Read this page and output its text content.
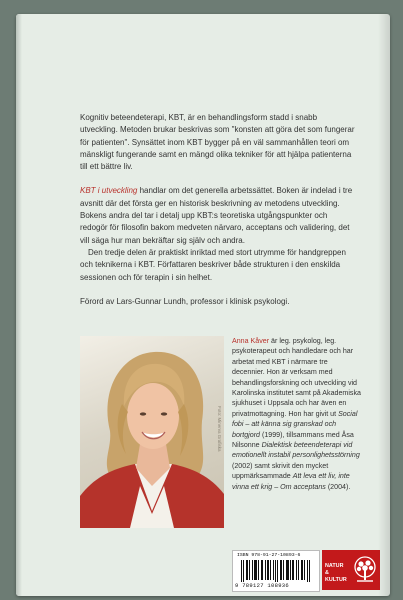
Kognitiv beteendeterapi, KBT, är en behandlingsform stadd i snabb utveckling. Metoden brukar beskrivas som "konsten att göra det som fungerar för patienten". Synsättet inom KBT bygger på en väl sammanhållen teori om mänskligt fungerande samt en mängd olika tekniker för att hjälpa patienterna till ett bättre liv.

KBT i utveckling handlar om det generella arbetssättet. Boken är indelad i tre avsnitt där det första ger en historisk beskrivning av metodens utveckling. Bokens andra del tar i detalj upp KBT:s teoretiska utgångspunkter och redogör för filosofin bakom medveten närvaro, acceptans och validering, det vill säga hur man bekräftar sig själv och andra.

Den tredje delen är praktiskt inriktad med stort utrymme för handgreppen och teknikerna i KBT. Författaren beskriver både strukturen i den enskilda sessionen och för terapin i sin helhet.

Förord av Lars-Gunnar Lundh, professor i klinisk psykologi.

Foto: Minerva Grafiska
Anna Kåver är leg. psykolog, leg. psykoterapeut och handledare och har arbetat med KBT i närmare tre decennier. Hon är verksam med behandlingsforskning och utveckling vid Karolinska institutet samt på Akademiska sjukhuset i Uppsala och har även en privatmottagning. Hon har givit ut Social fobi – att känna sig granskad och bortgjord (1999), tillsammans med Åsa Nilsonne Dialektisk beteendeterapi vid emotionellt instabil personlighetsstörning (2002) samt skrivit den mycket uppmärksammade Att leva ett liv, inte vinna ett krig – Om acceptans (2004).
ISBN 978-91-27-10893-6
9 789127 108936
NATUR
& KULTUR
